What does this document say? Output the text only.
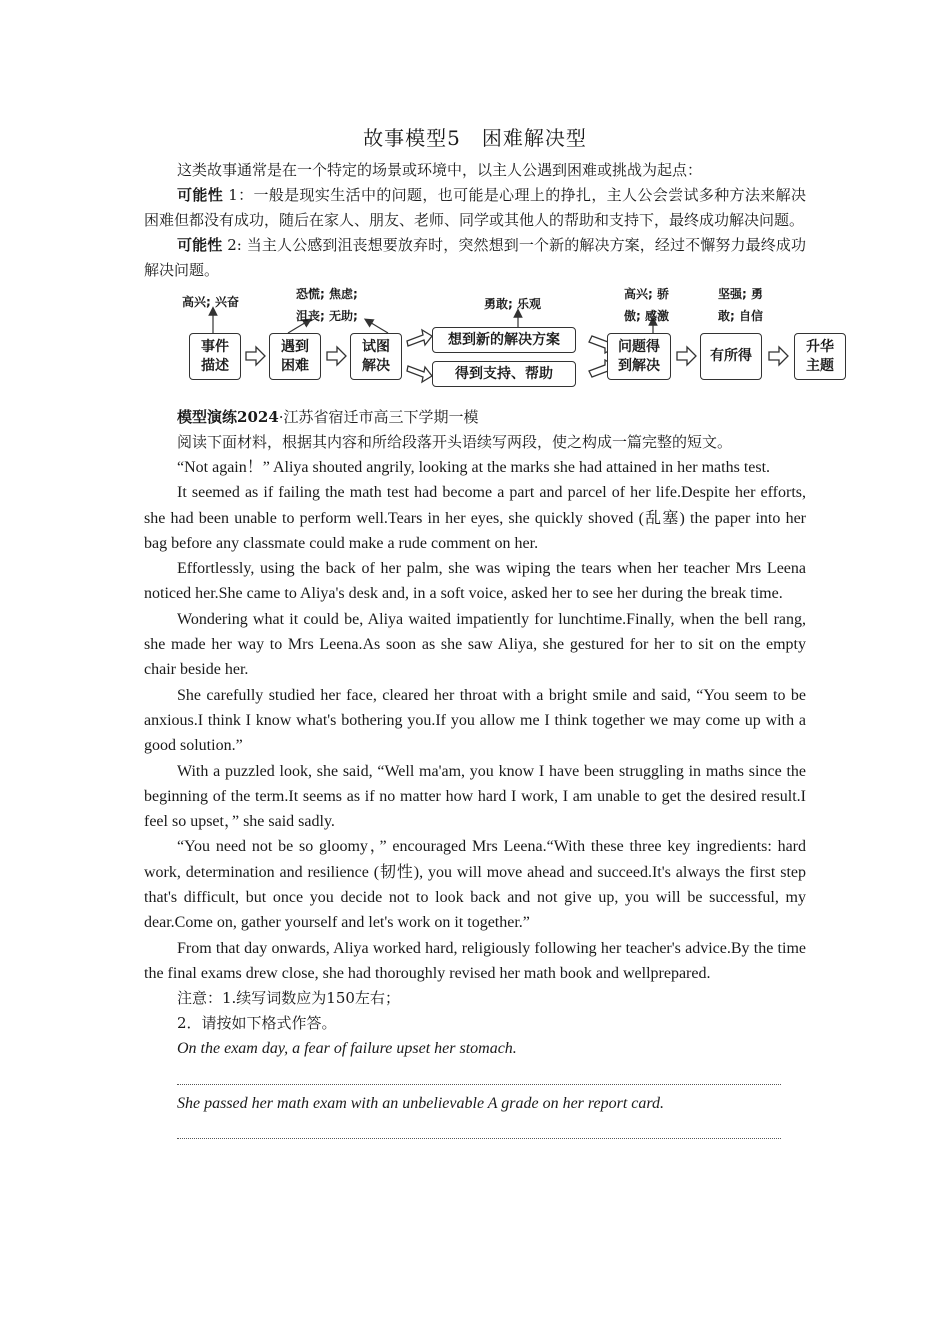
故事模型5　困难解决型

这类故事通常是在一个特定的场景或环境中，以主人公遇到困难或挑战为起点：

可能性 1：一般是现实生活中的问题，也可能是心理上的挣扎，主人公会尝试多种方法来解决困难但都没有成功，随后在家人、朋友、老师、同学或其他人的帮助和支持下，最终成功解决问题。

可能性 2: 当主人公感到沮丧想要放弃时，突然想到一个新的解决方案，经过不懈努力最终成功解决问题。

高兴; 兴奋
恐慌; 焦虑; 沮丧; 无助;
勇敢; 乐观
高兴; 骄傲; 感激
坚强; 勇敢; 自信
事件描述
遇到困难
试图解决
想到新的解决方案
得到支持、帮助
问题得到解决
有所得
升华主题

模型演练2024·江苏省宿迁市高三下学期一模

阅读下面材料，根据其内容和所给段落开头语续写两段，使之构成一篇完整的短文。

“Not again！” Aliya shouted angrily, looking at the marks she had attained in her maths test.

It seemed as if failing the math test had become a part and parcel of her life.Despite her efforts, she had been unable to perform well.Tears in her eyes, she quickly shoved (乱塞) the paper into her bag before any classmate could make a rude comment on her.

Effortlessly, using the back of her palm, she was wiping the tears when her teacher Mrs Leena noticed her.She came to Aliya's desk and, in a soft voice, asked her to see her during the break time.

Wondering what it could be, Aliya waited impatiently for lunchtime.Finally, when the bell rang, she made her way to Mrs Leena.As soon as she saw Aliya, she gestured for her to sit on the empty chair beside her.

She carefully studied her face, cleared her throat with a bright smile and said, “You seem to be anxious.I think I know what's bothering you.If you allow me I think together we may come up with a good solution.”

With a puzzled look, she said, “Well ma'am, you know I have been struggling in maths since the beginning of the term.It seems as if no matter how hard I work, I am unable to get the desired result.I feel so upset，” she said sadly.

“You need not be so gloomy，” encouraged Mrs Leena.“With these three key ingredients: hard work, determination and resilience (韧性), you will move ahead and succeed.It's always the first step that's difficult, but once you decide not to look back and not give up, you will be successful, my dear.Come on, gather yourself and let's work on it together.”

From that day onwards, Aliya worked hard, religiously following her teacher's advice.By the time the final exams drew close, she had thoroughly revised her math book and wellprepared.

注意：1.续写词数应为150左右；

2．请按如下格式作答。

On the exam day, a fear of failure upset her stomach.

She passed her math exam with an unbelievable A grade on her report card.
